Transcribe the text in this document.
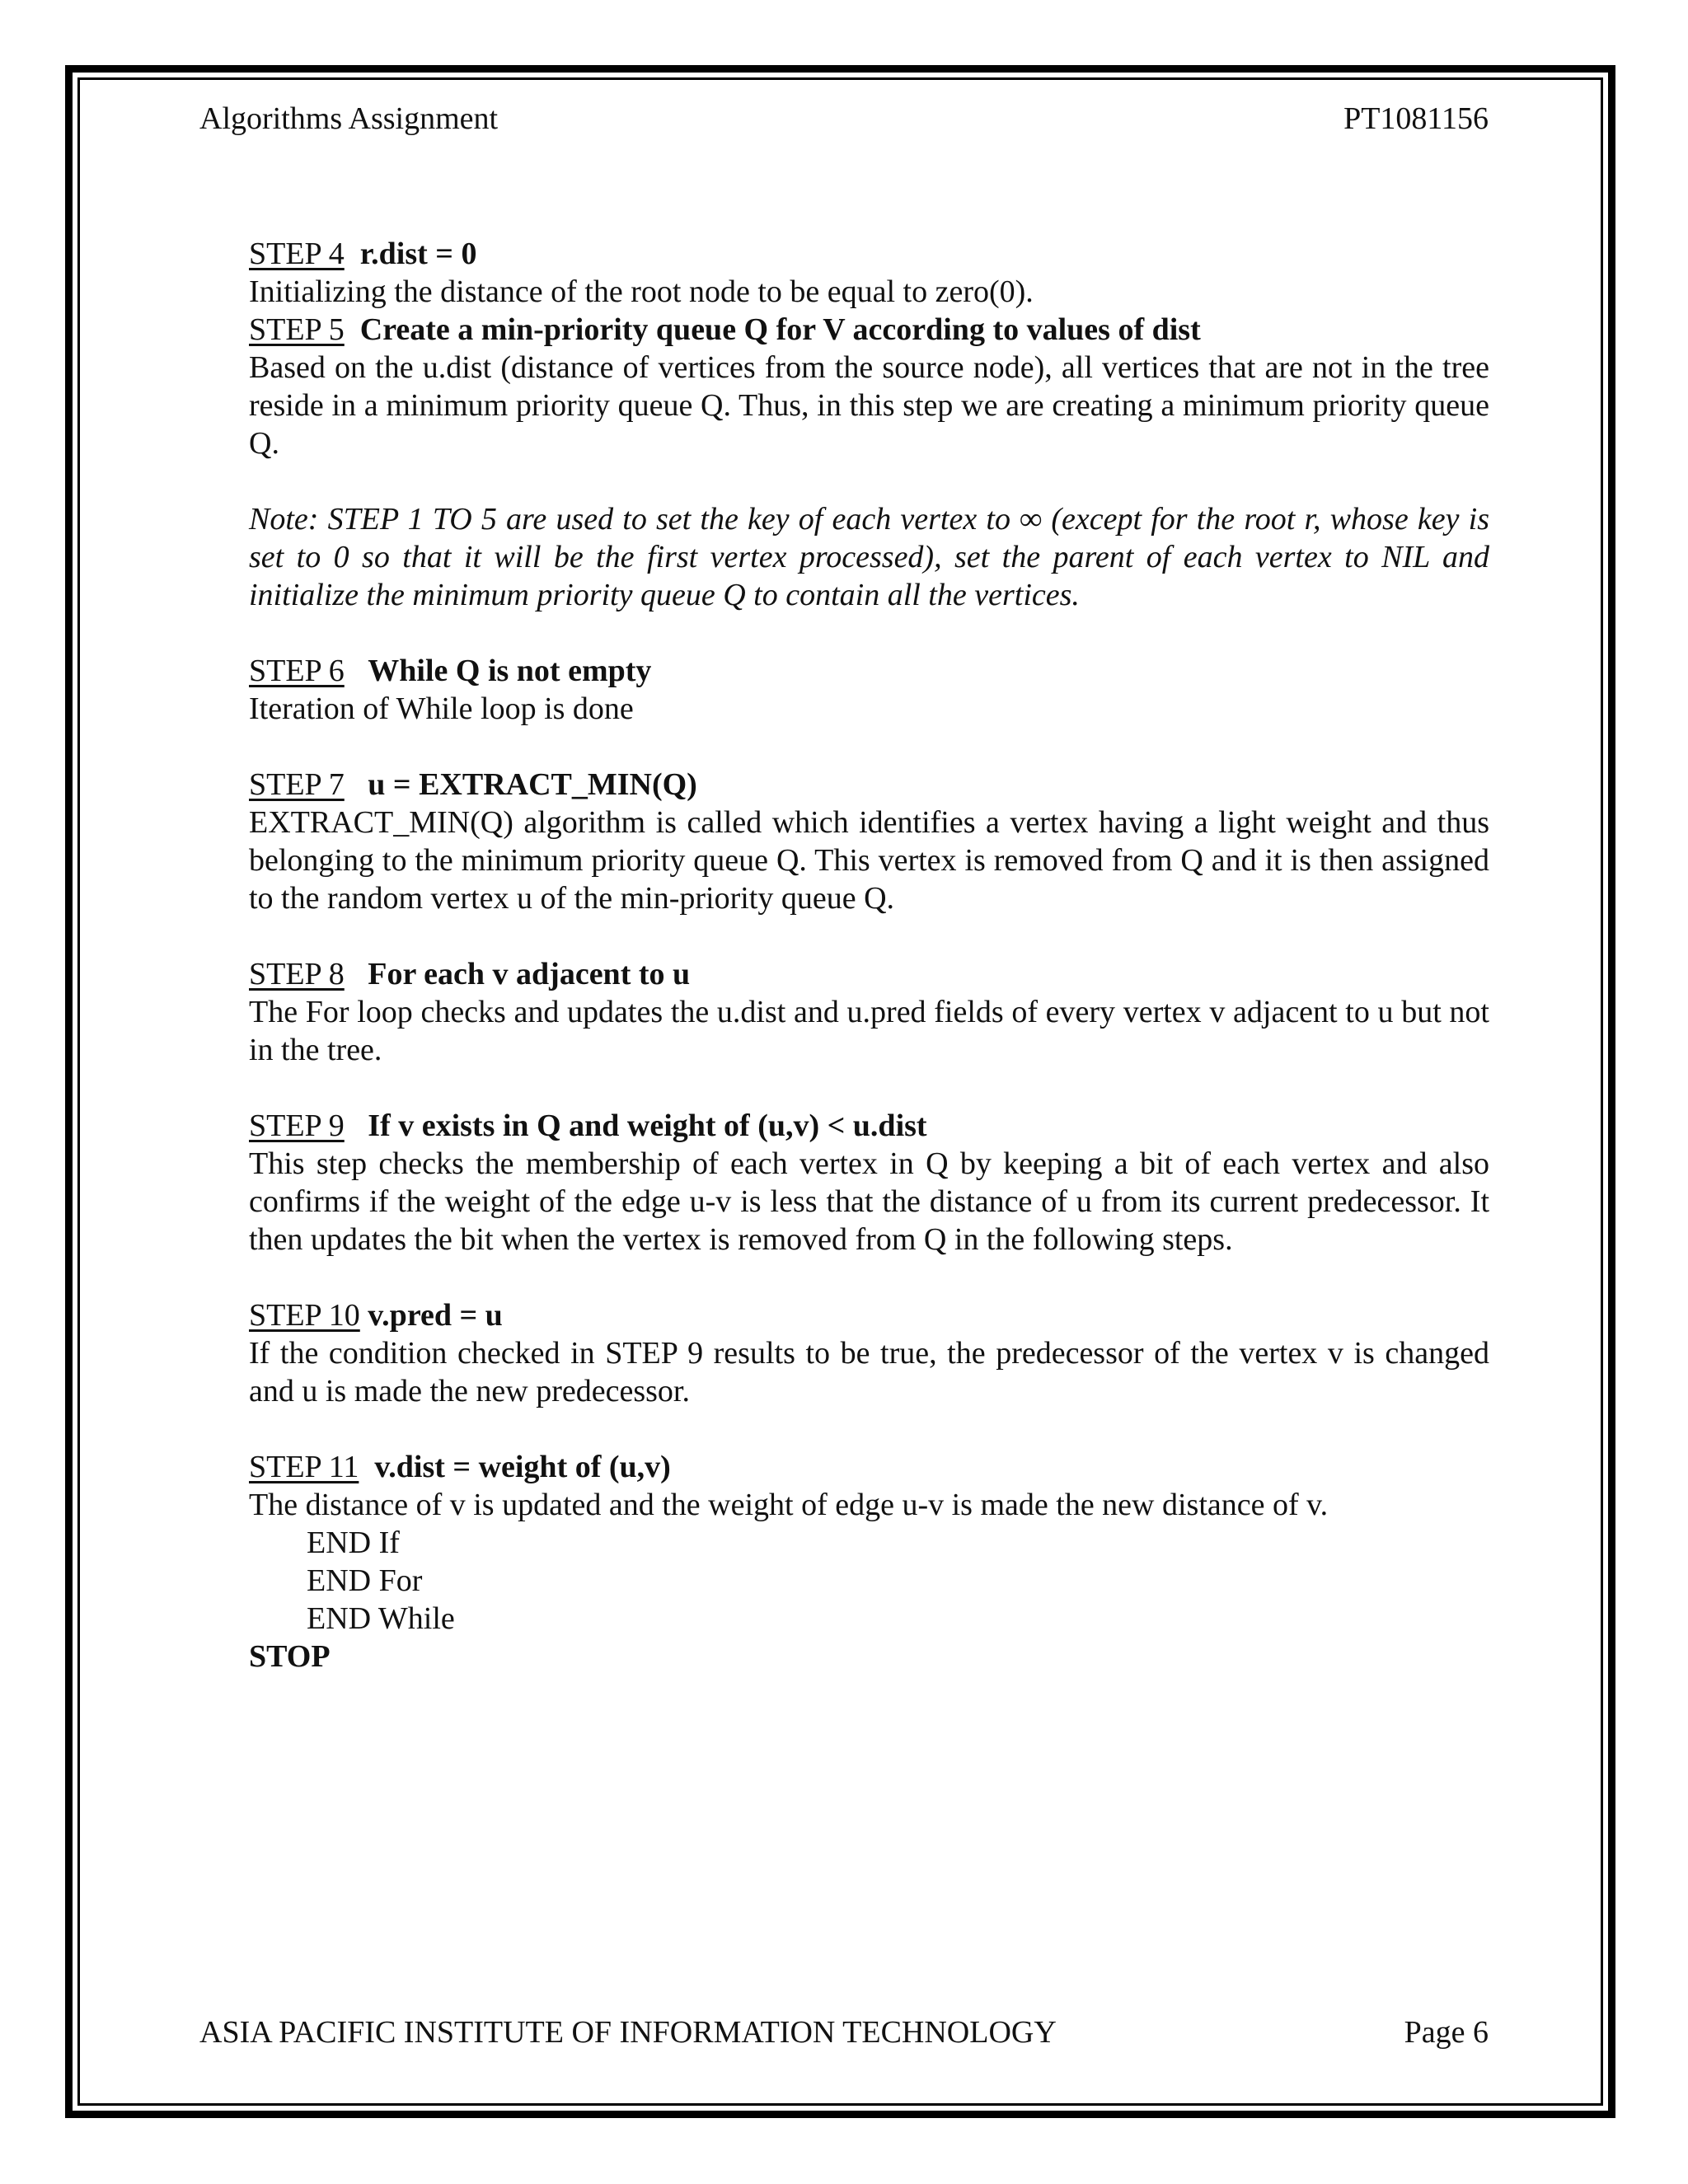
Algorithms Assignment	PT1081156

STEP 4 r.dist = 0

Initializing the distance of the root node to be equal to zero(0).

STEP 5 Create a min-priority queue Q for V according to values of dist

Based on the u.dist (distance of vertices from the source node), all vertices that are not in the tree reside in a minimum priority queue Q. Thus, in this step we are creating a minimum priority queue Q.

Note: STEP 1 TO 5 are used to set the key of each vertex to ∞ (except for the root r, whose key is set to 0 so that it will be the first vertex processed), set the parent of each vertex to NIL and initialize the minimum priority queue Q to contain all the vertices.

STEP 6 While Q is not empty

Iteration of While loop is done

STEP 7 u = EXTRACT_MIN(Q)

EXTRACT_MIN(Q) algorithm is called which identifies a vertex having a light weight and thus belonging to the minimum priority queue Q. This vertex is removed from Q and it is then assigned to the random vertex u of the min-priority queue Q.

STEP 8 For each v adjacent to u

The For loop checks and updates the u.dist and u.pred fields of every vertex v adjacent to u but not in the tree.

STEP 9 If v exists in Q and weight of (u,v) < u.dist

This step checks the membership of each vertex in Q by keeping a bit of each vertex and also confirms if the weight of the edge u-v is less that the distance of u from its current predecessor. It then updates the bit when the vertex is removed from Q in the following steps.

STEP 10 v.pred = u

If the condition checked in STEP 9 results to be true, the predecessor of the vertex v is changed and u is made the new predecessor.

STEP 11 v.dist = weight of (u,v)

The distance of v is updated and the weight of edge u-v is made the new distance of v.

END If

END For

END While

STOP

ASIA PACIFIC INSTITUTE OF INFORMATION TECHNOLOGY	Page 6
